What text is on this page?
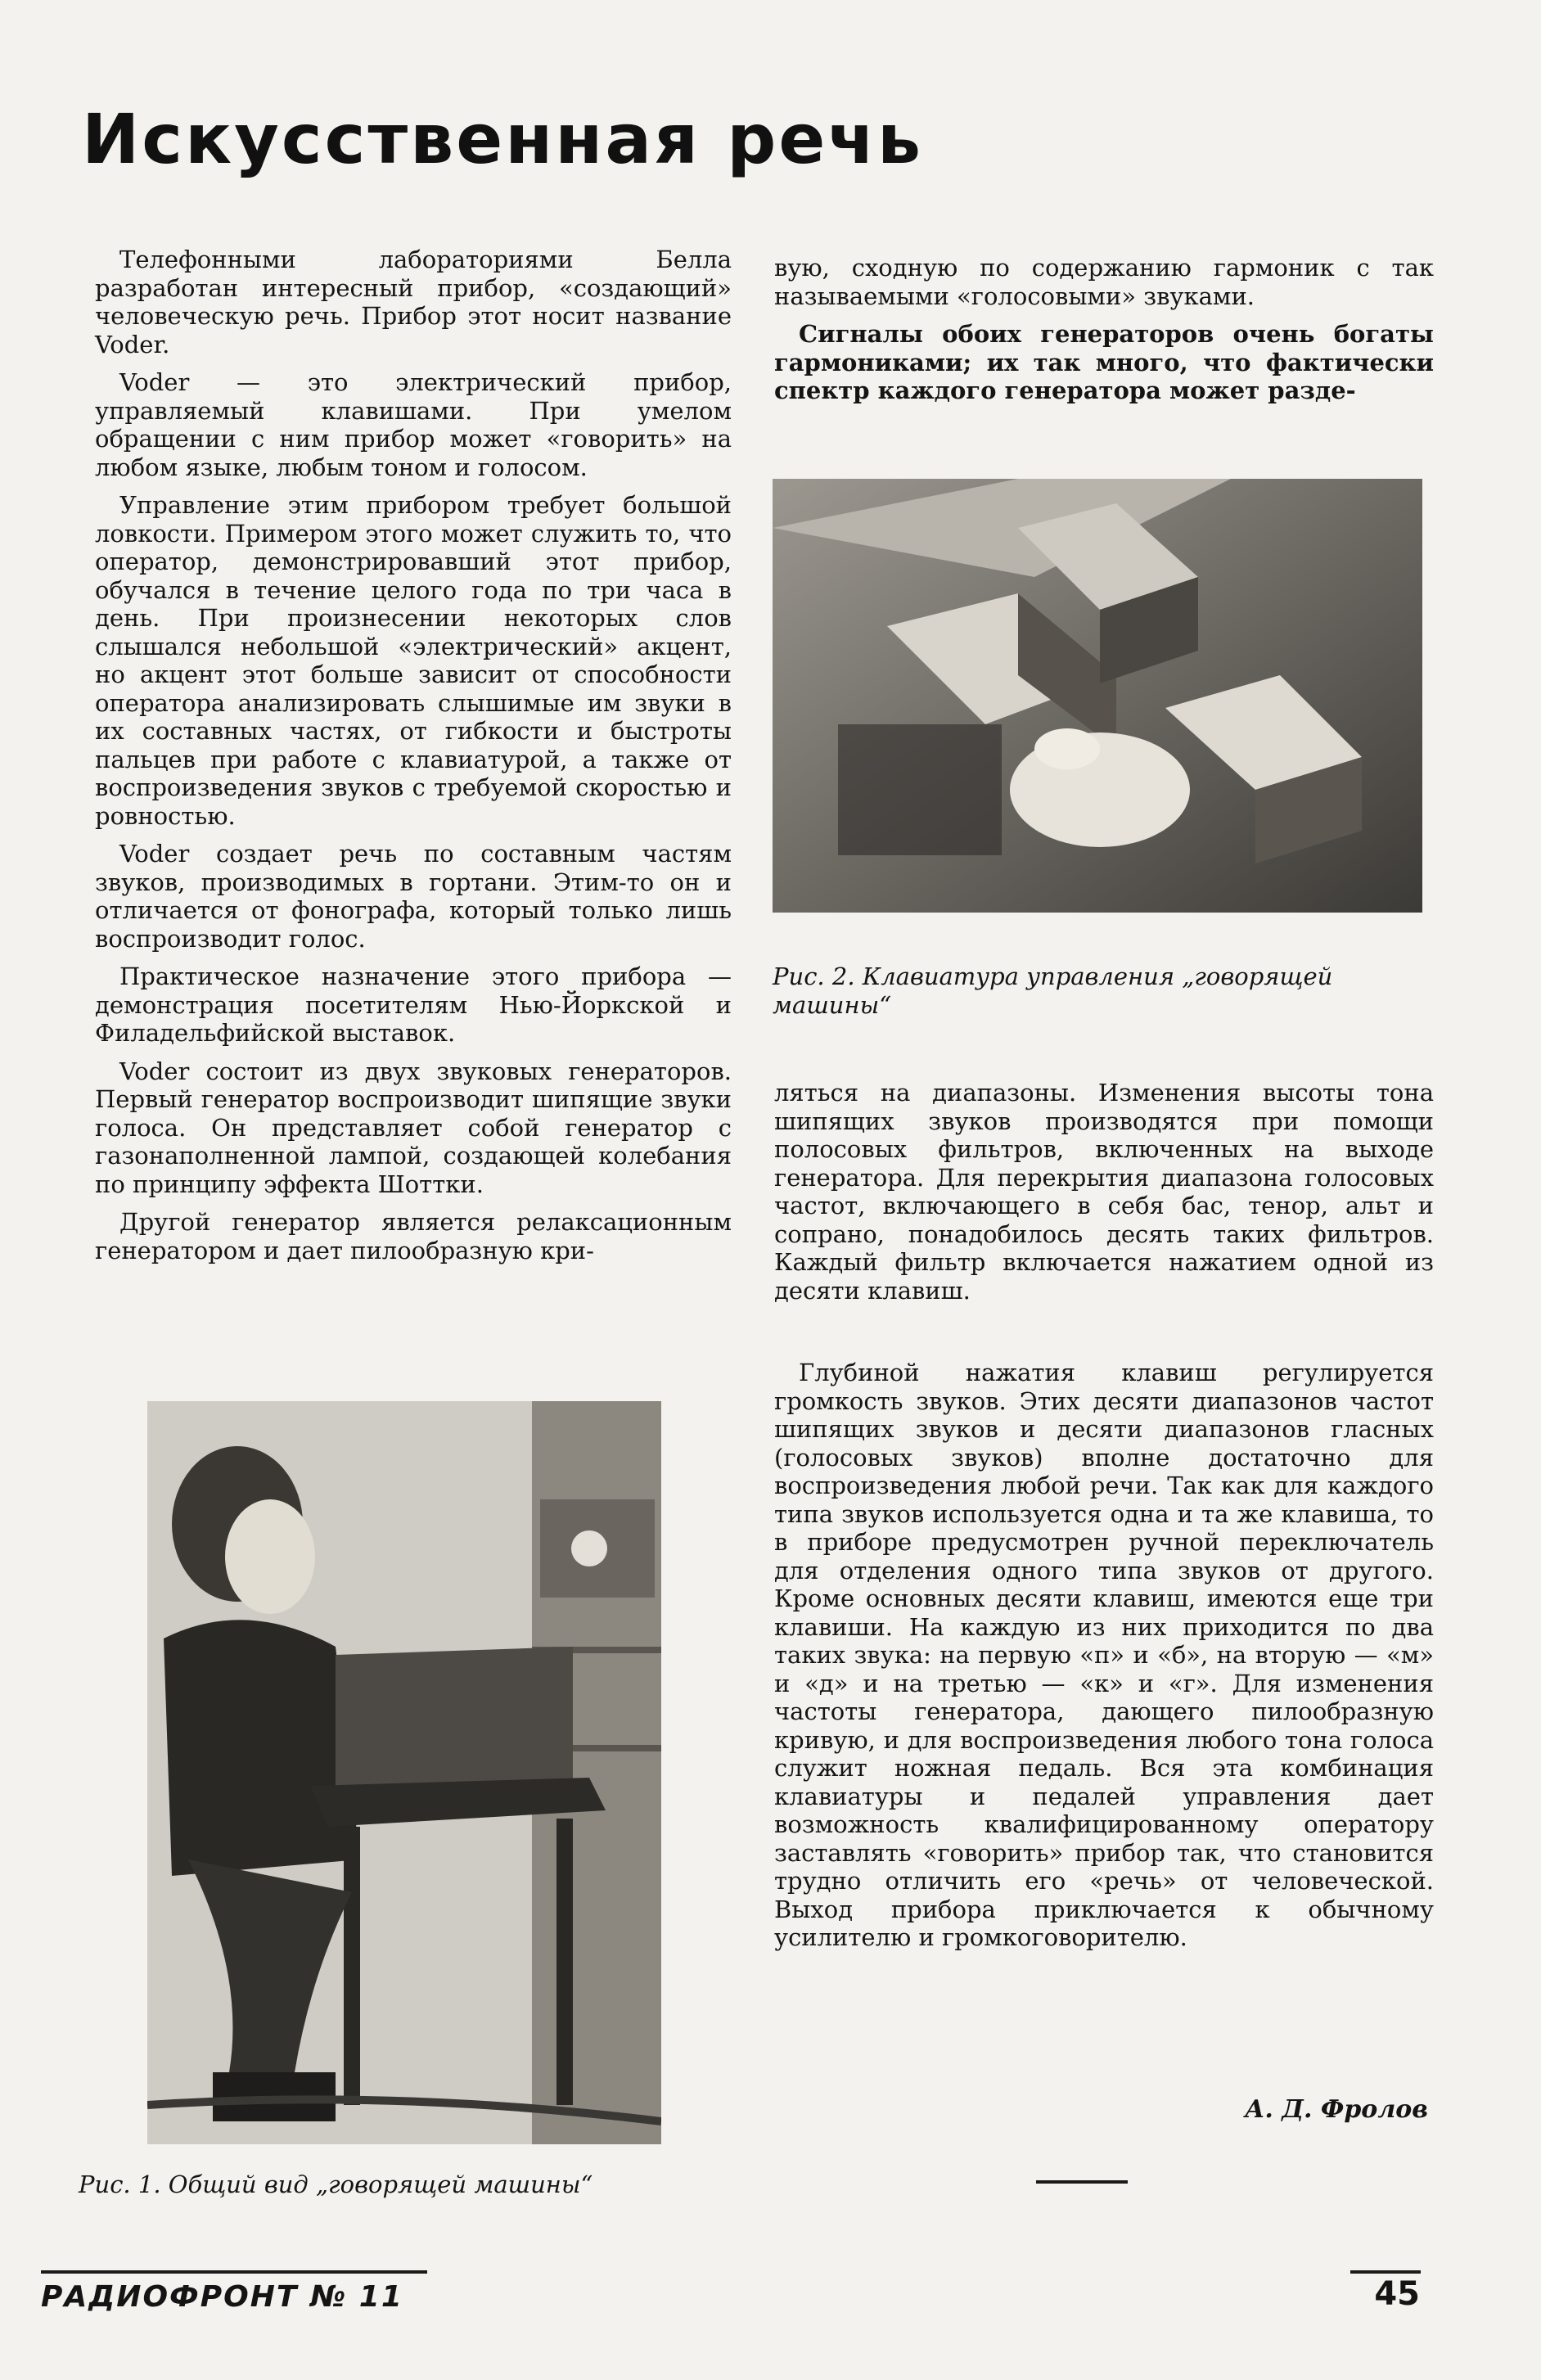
Искусственная речь

Телефонными лабораториями Белла разработан интересный прибор, «создающий» человеческую речь. Прибор этот носит название Voder.

Voder — это электрический прибор, управляемый клавишами. При умелом обращении с ним прибор может «говорить» на любом языке, любым тоном и голосом.

Управление этим прибором требует большой ловкости. Примером этого может служить то, что оператор, демонстрировавший этот прибор, обучался в течение целого года по три часа в день. При произнесении некоторых слов слышался небольшой «электрический» акцент, но акцент этот больше зависит от способности оператора анализировать слышимые им звуки в их составных частях, от гибкости и быстроты пальцев при работе с клавиатурой, а также от воспроизведения звуков с требуемой скоростью и ровностью.

Voder создает речь по составным частям звуков, производимых в гортани. Этим-то он и отличается от фонографа, который только лишь воспроизводит голос.

Практическое назначение этого прибора — демонстрация посетителям Нью-Йоркской и Филадельфийской выставок.

Voder состоит из двух звуковых генераторов. Первый генератор воспроизводит шипящие звуки голоса. Он представляет собой генератор с газонаполненной лампой, создающей колебания по принципу эффекта Шоттки.

Другой генератор является релаксационным генератором и дает пилообразную кри-

вую, сходную по содержанию гармоник с так называемыми «голосовыми» звуками.

Сигналы обоих генераторов очень богаты гармониками; их так много, что фактически спектр каждого генератора может разде-

Рис. 2. Клавиатура управления „говорящей машины“

ляться на диапазоны. Изменения высоты тона шипящих звуков производятся при помощи полосовых фильтров, включенных на выходе генератора. Для перекрытия диапазона голосовых частот, включающего в себя бас, тенор, альт и сопрано, понадобилось десять таких фильтров. Каждый фильтр включается нажатием одной из десяти клавиш.

Глубиной нажатия клавиш регулируется громкость звуков. Этих десяти диапазонов частот шипящих звуков и десяти диапазонов гласных (голосовых звуков) вполне достаточно для воспроизведения любой речи. Так как для каждого типа звуков используется одна и та же клавиша, то в приборе предусмотрен ручной переключатель для отделения одного типа звуков от другого. Кроме основных десяти клавиш, имеются еще три клавиши. На каждую из них приходится по два таких звука: на первую «п» и «б», на вторую — «м» и «д» и на третью — «к» и «г». Для изменения частоты генератора, дающего пилообразную кривую, и для воспроизведения любого тона голоса служит ножная педаль. Вся эта комбинация клавиатуры и педалей управления дает возможность квалифицированному оператору заставлять «говорить» прибор так, что становится трудно отличить его «речь» от человеческой. Выход прибора приключается к обычному усилителю и громкоговорителю.

Рис. 1. Общий вид „говорящей машины“
А. Д. Фролов
РАДИОФРОНТ № 11	45
